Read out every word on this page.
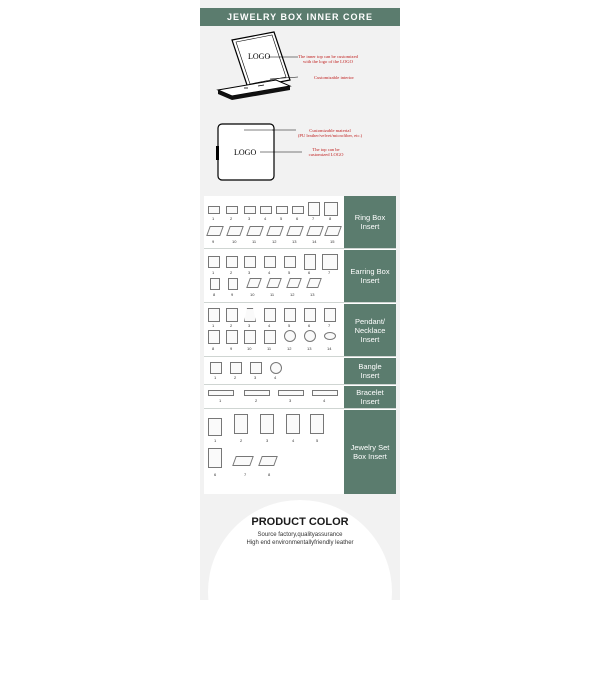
JEWELRY BOX INNER CORE
LOGO	The inner top can be customized
with the logo of the LOGO
Customizable interior
LOGO
Customizable material
(PU leather/velvet/microfiber, etc.)
The top can be
customized LOGO
1	2	3	4	5	6	7	8
9	10	11	12	13	14	15
Ring Box
Insert
1	2	3	4	5	6	7
8	9	10	11	12	13
Earring Box
Insert
1	2	3	4	5	6	7
8	9	10	11	12	13	14
Pendant/
Necklace
Insert
1	2	3	4
Bangle
Insert
1	2	3	4
Bracelet
Insert
1	2	3	4	5
6	7	8
Jewelry Set
Box Insert
PRODUCT COLOR
Source factory,qualityassurance
High end environmentallyfriendly leather
